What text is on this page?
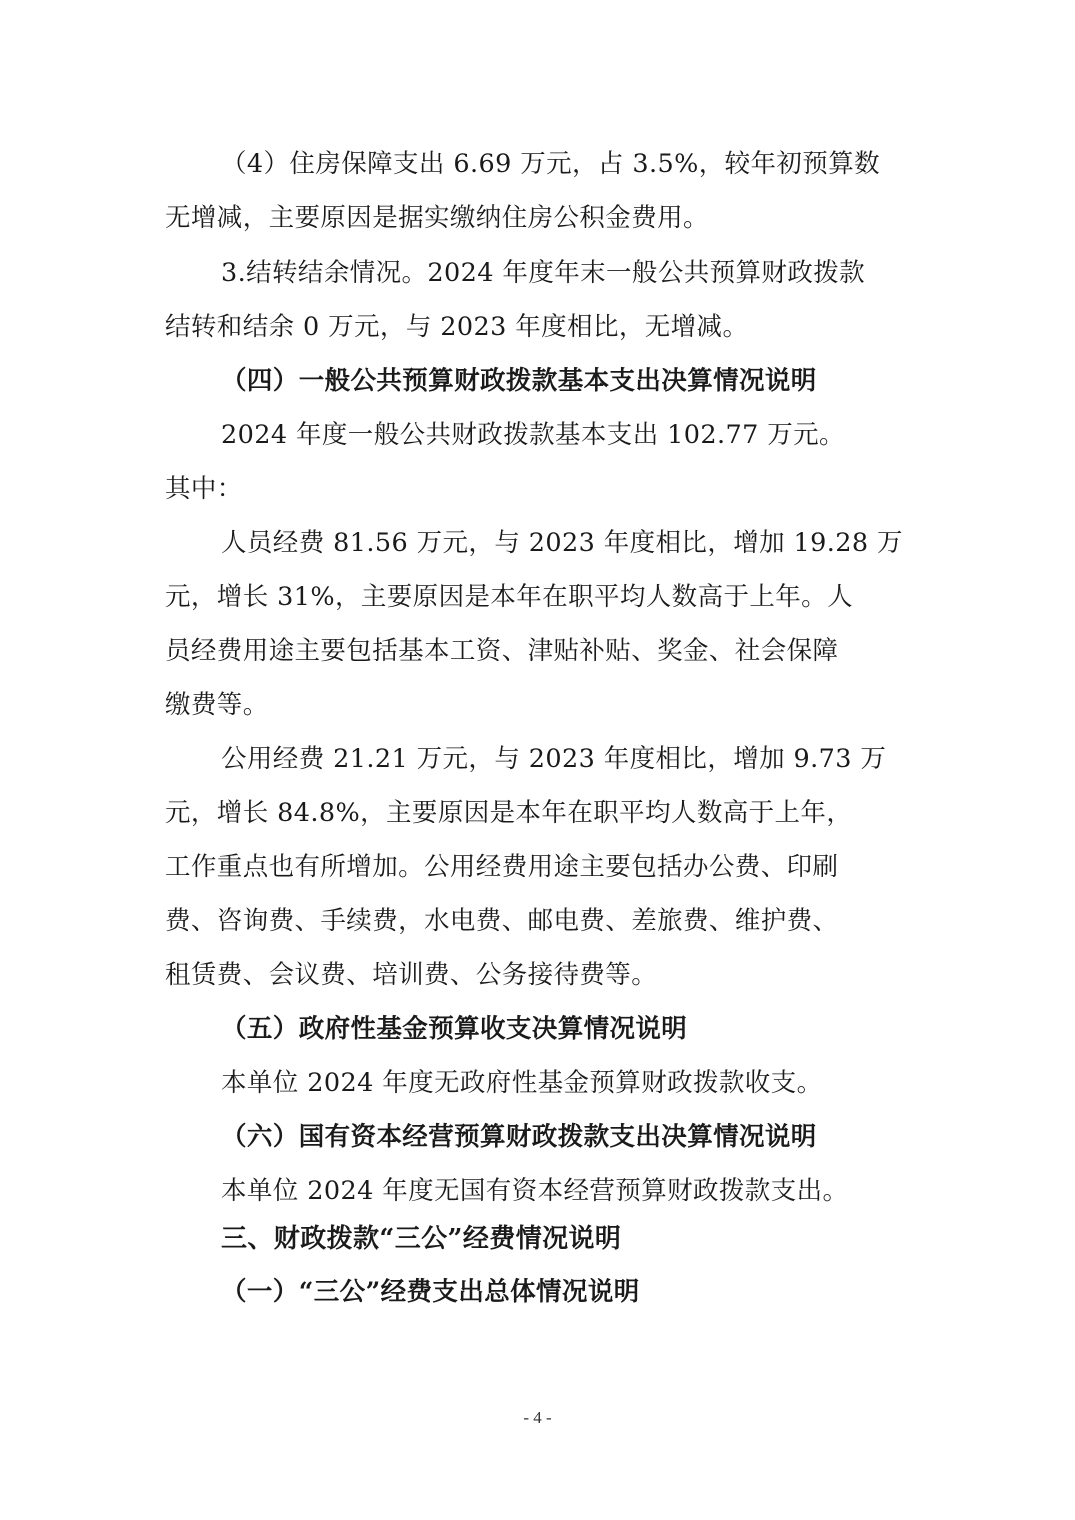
（4）住房保障支出 6.69 万元，占 3.5%，较年初预算数
无增减，主要原因是据实缴纳住房公积金费用。
3.结转结余情况。2024 年度年末一般公共预算财政拨款
结转和结余 0 万元，与 2023 年度相比，无增减。
（四）一般公共预算财政拨款基本支出决算情况说明
2024 年度一般公共财政拨款基本支出 102.77 万元。
其中：
人员经费 81.56 万元，与 2023 年度相比，增加 19.28 万
元，增长 31%，主要原因是本年在职平均人数高于上年。人
员经费用途主要包括基本工资、津贴补贴、奖金、社会保障
缴费等。
公用经费 21.21 万元，与 2023 年度相比，增加 9.73 万
元，增长 84.8%，主要原因是本年在职平均人数高于上年，
工作重点也有所增加。公用经费用途主要包括办公费、印刷
费、咨询费、手续费，水电费、邮电费、差旅费、维护费、
租赁费、会议费、培训费、公务接待费等。
（五）政府性基金预算收支决算情况说明
本单位 2024 年度无政府性基金预算财政拨款收支。
（六）国有资本经营预算财政拨款支出决算情况说明
本单位 2024 年度无国有资本经营预算财政拨款支出。
三、财政拨款“三公”经费情况说明
（一）“三公”经费支出总体情况说明
- 4 -
